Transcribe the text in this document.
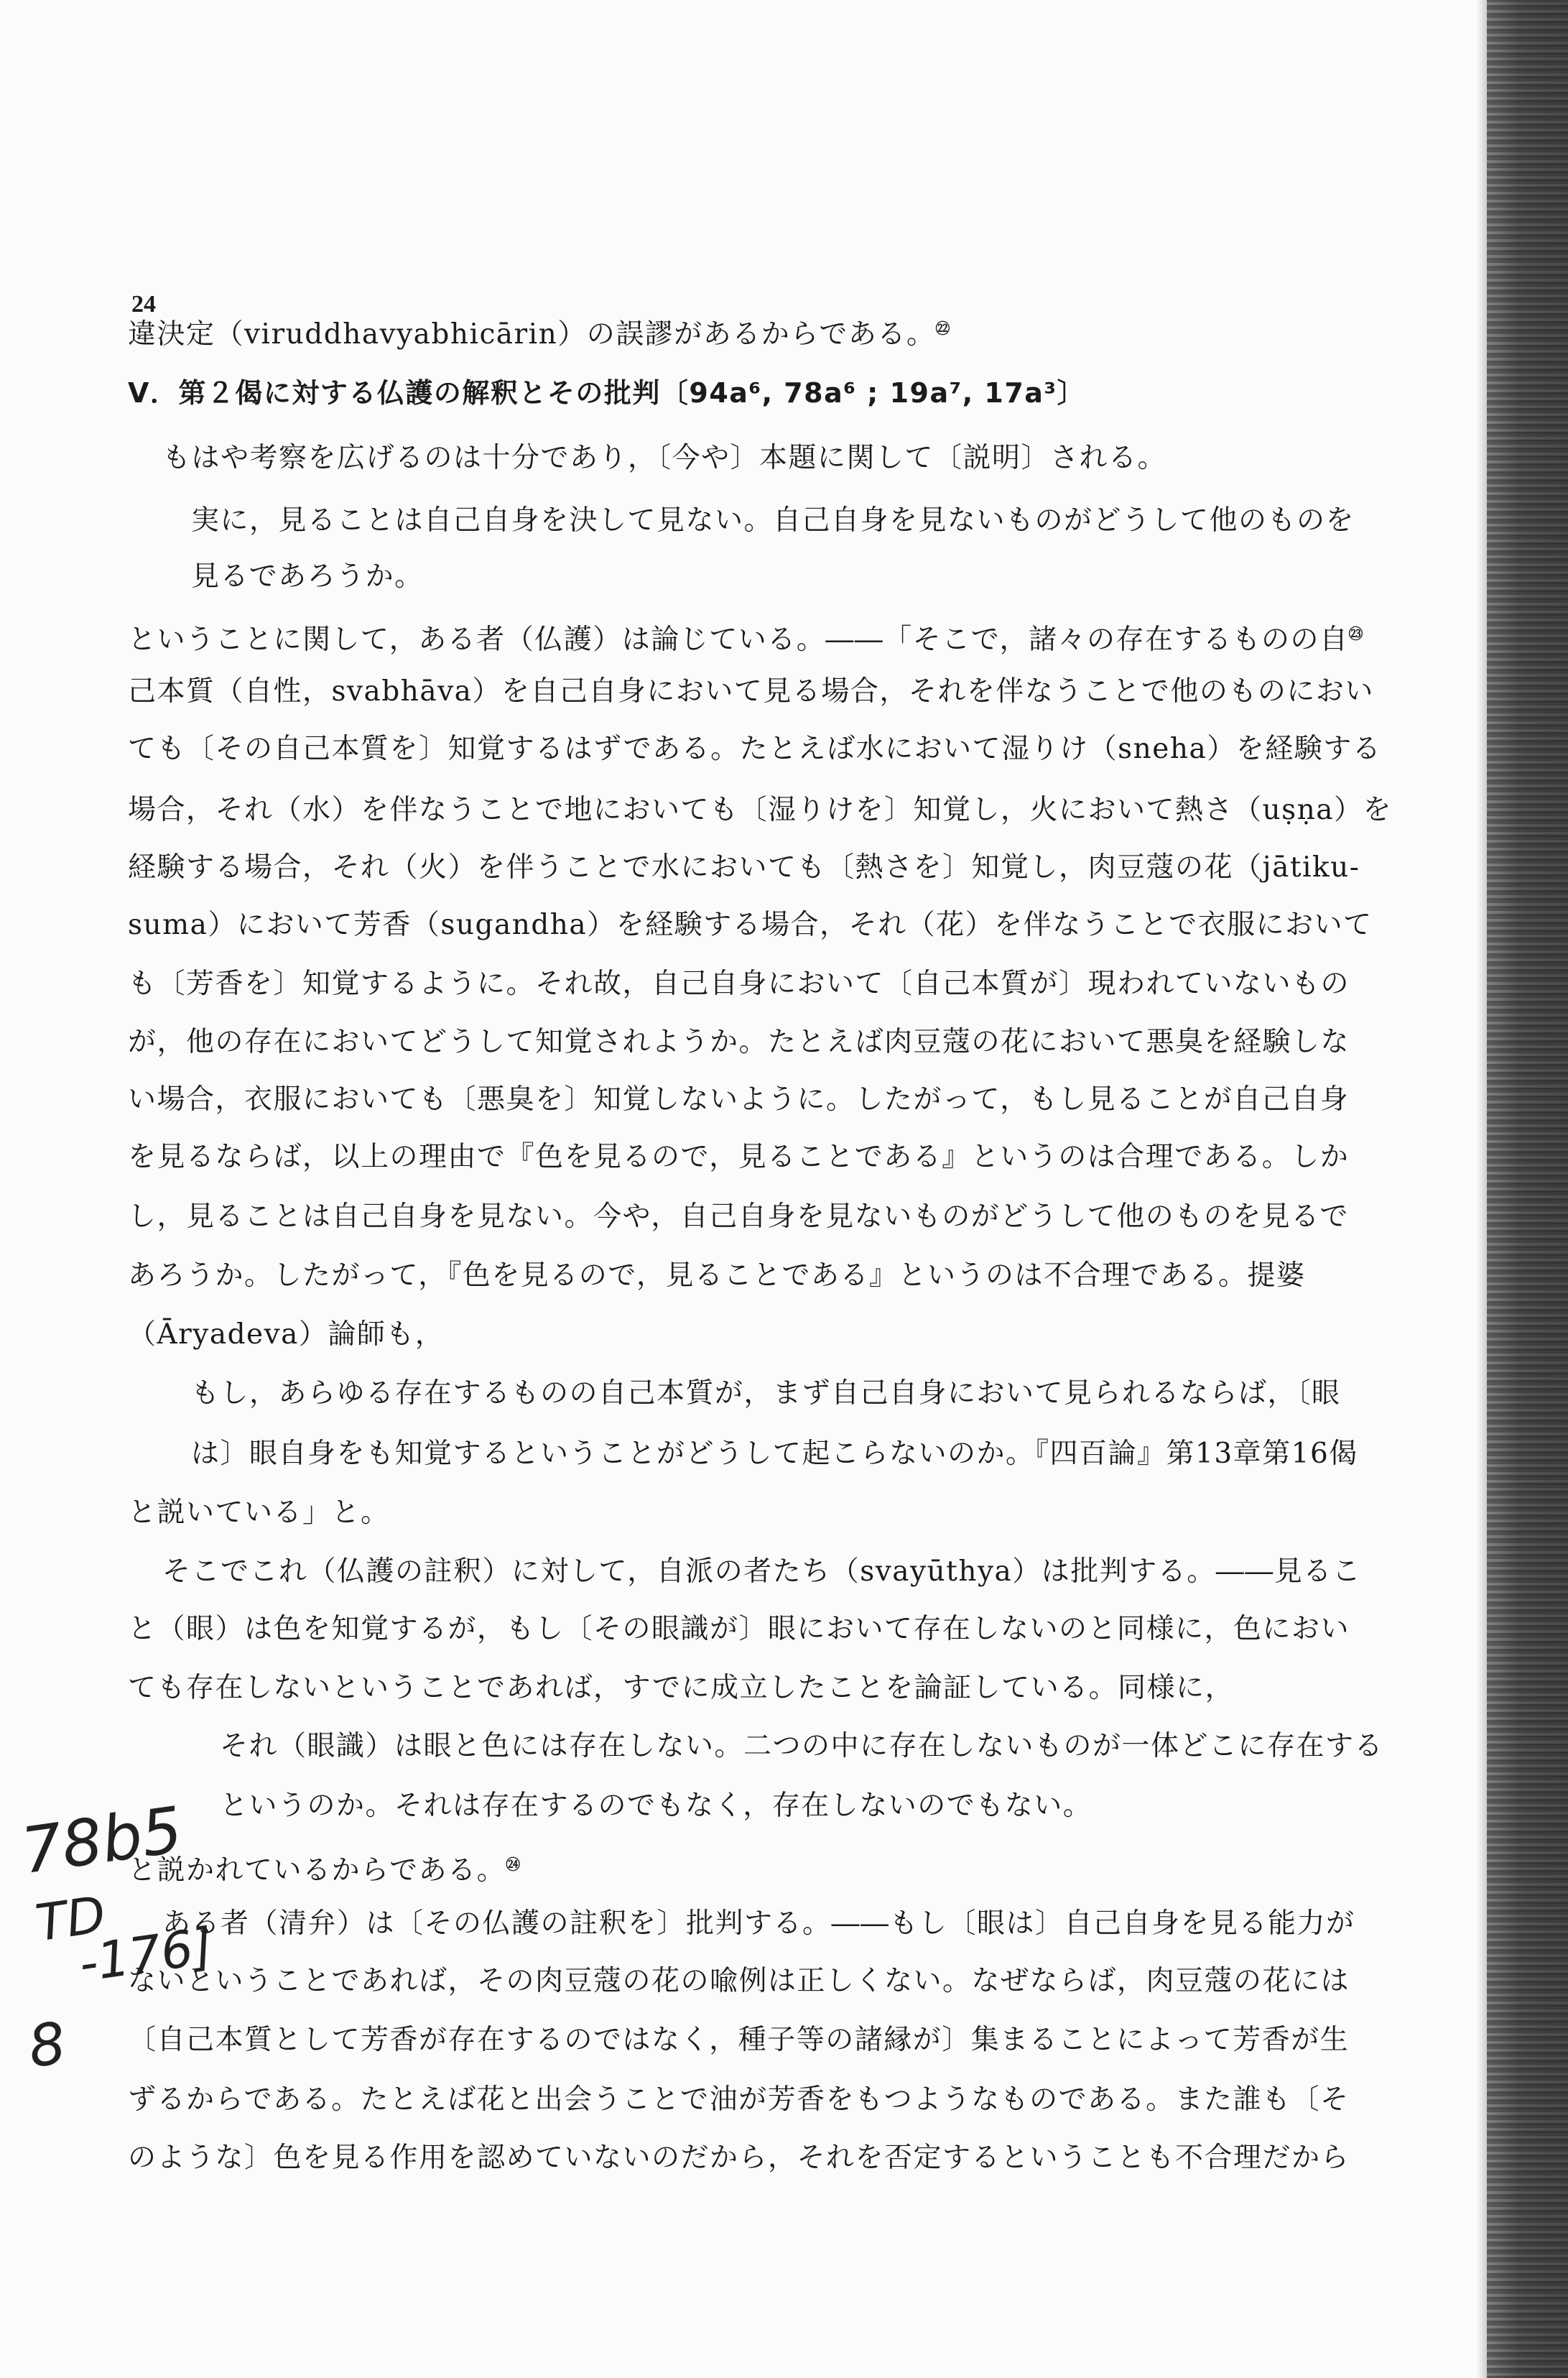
24
違決定（viruddhavyabhicārin）の誤謬があるからである。$^㉒$
V．第２偈に対する仏護の解釈とその批判〔94a⁶, 78a⁶ ; 19a⁷, 17a³〕
もはや考察を広げるのは十分であり，〔今や〕本題に関して〔説明〕される。
実に，見ることは自己自身を決して見ない。自己自身を見ないものがどうして他のものを
見るであろうか。
ということに関して，ある者（仏護）は論じている。――「そこで，諸々の存在するものの自$^㉓$
己本質（自性，svabhāva）を自己自身において見る場合，それを伴なうことで他のものにおい
ても〔その自己本質を〕知覚するはずである。たとえば水において湿りけ（sneha）を経験する
場合，それ（水）を伴なうことで地においても〔湿りけを〕知覚し，火において熱さ（uṣṇa）を
経験する場合，それ（火）を伴うことで水においても〔熱さを〕知覚し，肉豆蔻の花（jātiku-
suma）において芳香（sugandha）を経験する場合，それ（花）を伴なうことで衣服において
も〔芳香を〕知覚するように。それ故，自己自身において〔自己本質が〕現われていないもの
が，他の存在においてどうして知覚されようか。たとえば肉豆蔻の花において悪臭を経験しな
い場合，衣服においても〔悪臭を〕知覚しないように。したがって，もし見ることが自己自身
を見るならば，以上の理由で『色を見るので，見ることである』というのは合理である。しか
し，見ることは自己自身を見ない。今や，自己自身を見ないものがどうして他のものを見るで
あろうか。したがって，『色を見るので，見ることである』というのは不合理である。提婆
（Āryadeva）論師も，
もし，あらゆる存在するものの自己本質が，まず自己自身において見られるならば，〔眼
は〕眼自身をも知覚するということがどうして起こらないのか。『四百論』第13章第16偈
と説いている」と。
そこでこれ（仏護の註釈）に対して，自派の者たち（svayūthya）は批判する。――見るこ
と（眼）は色を知覚するが，もし〔その眼識が〕眼において存在しないのと同様に，色におい
ても存在しないということであれば，すでに成立したことを論証している。同様に，
それ（眼識）は眼と色には存在しない。二つの中に存在しないものが一体どこに存在する
というのか。それは存在するのでもなく，存在しないのでもない。
と説かれているからである。$^㉔$
ある者（清弁）は〔その仏護の註釈を〕批判する。――もし〔眼は〕自己自身を見る能力が
ないということであれば，その肉豆蔻の花の喩例は正しくない。なぜならば，肉豆蔻の花には
〔自己本質として芳香が存在するのではなく，種子等の諸縁が〕集まることによって芳香が生
ずるからである。たとえば花と出会うことで油が芳香をもつようなものである。また誰も〔そ
のような〕色を見る作用を認めていないのだから，それを否定するということも不合理だから
78b5
TD
-176]
8
